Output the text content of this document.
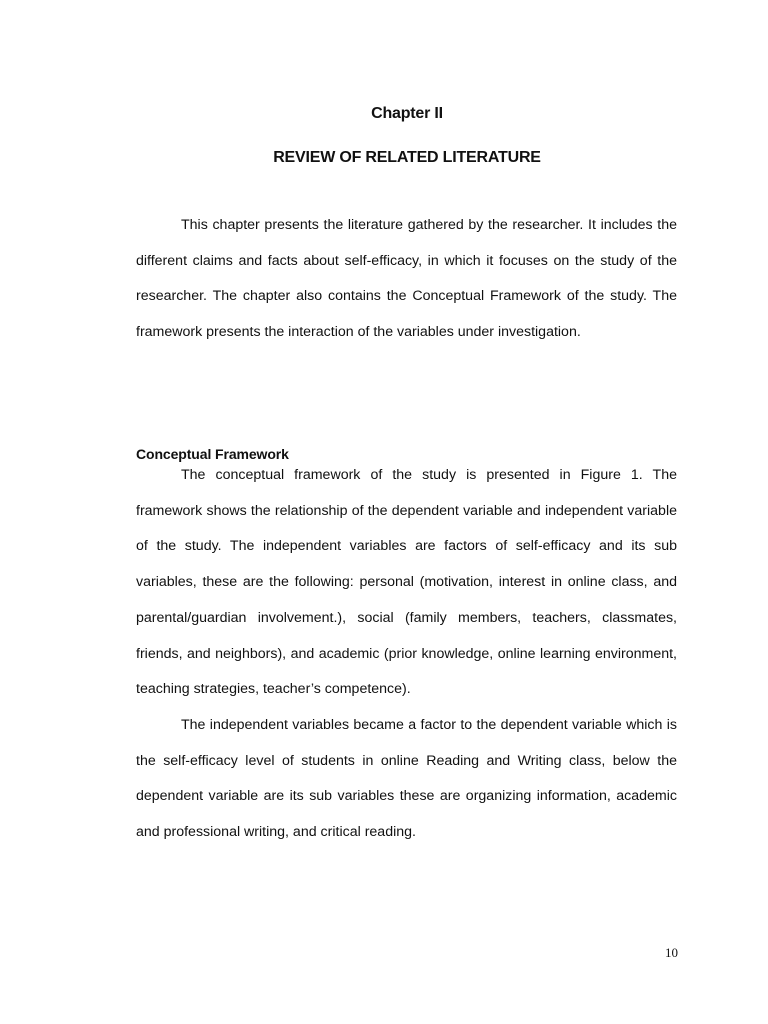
Chapter II
REVIEW OF RELATED LITERATURE

This chapter presents the literature gathered by the researcher. It includes the different claims and facts about self-efficacy, in which it focuses on the study of the researcher. The chapter also contains the Conceptual Framework of the study. The framework presents the interaction of the variables under investigation.

Conceptual Framework

The conceptual framework of the study is presented in Figure 1. The framework shows the relationship of the dependent variable and independent variable of the study. The independent variables are factors of self-efficacy and its sub variables, these are the following: personal (motivation, interest in online class, and parental/guardian involvement.), social (family members, teachers, classmates, friends, and neighbors), and academic (prior knowledge, online learning environment, teaching strategies, teacher’s competence).

The independent variables became a factor to the dependent variable which is the self-efficacy level of students in online Reading and Writing class, below the dependent variable are its sub variables these are organizing information, academic and professional writing, and critical reading.

10
